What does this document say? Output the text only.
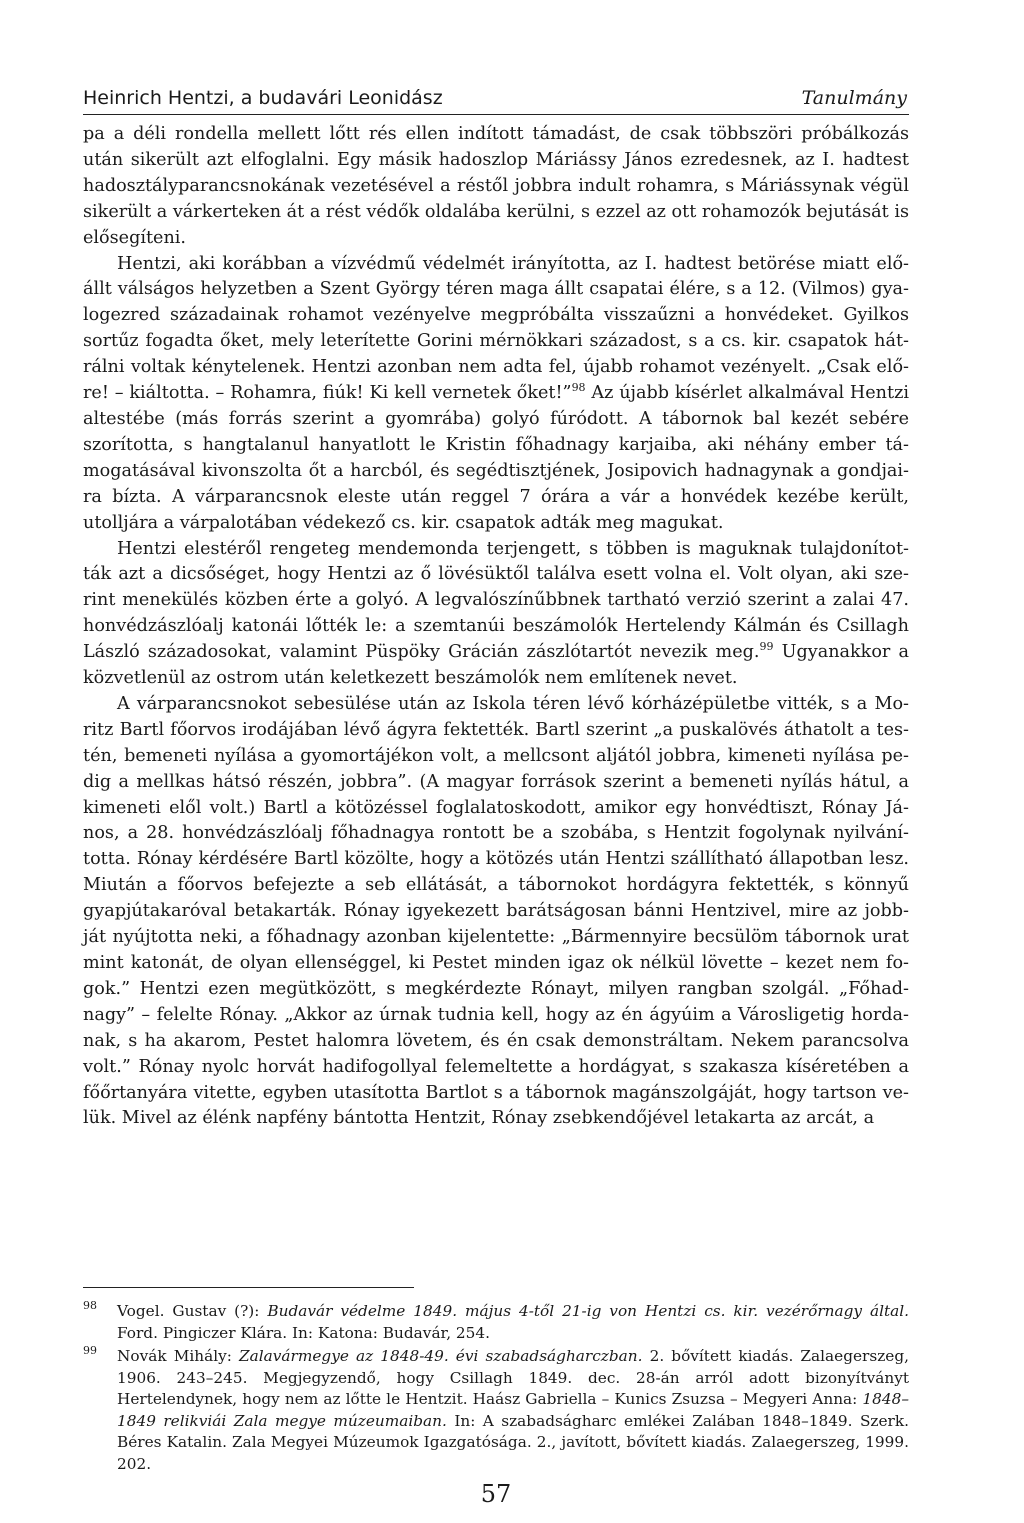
Heinrich Hentzi, a budavári Leonidász	Tanulmány

pa a déli rondella mellett lőtt rés ellen indított támadást, de csak többszöri próbálkozás után sikerült azt elfoglalni. Egy másik hadoszlop Máriássy János ezredesnek, az I. hadtest hadosztályparancsnokának vezetésével a réstől jobbra indult rohamra, s Máriássynak végül sikerült a várkerteken át a rést védők oldalába kerülni, s ezzel az ott rohamozók bejutását is elősegíteni.

Hentzi, aki korábban a vízvédmű védelmét irányította, az I. hadtest betörése miatt előállt válságos helyzetben a Szent György téren maga állt csapatai élére, s a 12. (Vilmos) gyalogezred századainak rohamot vezényelve megpróbálta visszaűzni a honvédeket. Gyilkos sortűz fogadta őket, mely leterítette Gorini mérnökkari századost, s a cs. kir. csapatok hátrálni voltak kénytelenek. Hentzi azonban nem adta fel, újabb rohamot vezényelt. „Csak előre! – kiáltotta. – Rohamra, fiúk! Ki kell vernetek őket!”$^{98}$ Az újabb kísérlet alkalmával Hentzi altestébe (más forrás szerint a gyomrába) golyó fúródott. A tábornok bal kezét sebére szorította, s hangtalanul hanyatlott le Kristin főhadnagy karjaiba, aki néhány ember támogatásával kivonszolta őt a harcból, és segédtisztjének, Josipovich hadnagynak a gondjaira bízta. A várparancsnok eleste után reggel 7 órára a vár a honvédek kezébe került, utolljára a várpalotában védekező cs. kir. csapatok adták meg magukat.

Hentzi elestéről rengeteg mendemonda terjengett, s többen is maguknak tulajdonították azt a dicsőséget, hogy Hentzi az ő lövésüktől találva esett volna el. Volt olyan, aki szerint menekülés közben érte a golyó. A legvalószínűbbnek tartható verzió szerint a zalai 47. honvédzászlóalj katonái lőtték le: a szemtanúi beszámolók Hertelendy Kálmán és Csillagh László századosokat, valamint Püspöky Grácián zászlótartót nevezik meg.$^{99}$ Ugyanakkor a közvetlenül az ostrom után keletkezett beszámolók nem említenek nevet.

A várparancsnokot sebesülése után az Iskola téren lévő kórházépületbe vitték, s a Moritz Bartl főorvos irodájában lévő ágyra fektették. Bartl szerint „a puskalövés áthatolt a testén, bemeneti nyílása a gyomortájékon volt, a mellcsont aljától jobbra, kimeneti nyílása pedig a mellkas hátsó részén, jobbra”. (A magyar források szerint a bemeneti nyílás hátul, a kimeneti elől volt.) Bartl a kötözéssel foglalatoskodott, amikor egy honvédtiszt, Rónay János, a 28. honvédzászlóalj főhadnagya rontott be a szobába, s Hentzit fogolynak nyilvánította. Rónay kérdésére Bartl közölte, hogy a kötözés után Hentzi szállítható állapotban lesz. Miután a főorvos befejezte a seb ellátását, a tábornokot hordágyra fektették, s könnyű gyapjútakaróval betakarták. Rónay igyekezett barátságosan bánni Hentzivel, mire az jobbját nyújtotta neki, a főhadnagy azonban kijelentette: „Bármennyire becsülöm tábornok urat mint katonát, de olyan ellenséggel, ki Pestet minden igaz ok nélkül lövette – kezet nem fogok.” Hentzi ezen megütközött, s megkérdezte Rónayt, milyen rangban szolgál. „Főhadnagy” – felelte Rónay. „Akkor az úrnak tudnia kell, hogy az én ágyúim a Városligetig hordanak, s ha akarom, Pestet halomra lövetem, és én csak demonstráltam. Nekem parancsolva volt.” Rónay nyolc horvát hadifogollyal felemeltette a hordágyat, s szakasza kíséretében a főőrtanyára vitette, egyben utasította Bartlot s a tábornok magánszolgáját, hogy tartson velük. Mivel az élénk napfény bántotta Hentzit, Rónay zsebkendőjével letakarta az arcát, a

98 Vogel. Gustav (?): Budavár védelme 1849. május 4-től 21-ig von Hentzi cs. kir. vezérőrnagy által. Ford. Pingiczer Klára. In: Katona: Budavár, 254.
99 Novák Mihály: Zalavármegye az 1848-49. évi szabadságharczban. 2. bővített kiadás. Zalaegerszeg, 1906. 243–245. Megjegyzendő, hogy Csillagh 1849. dec. 28-án arról adott bizonyítványt Hertelendynek, hogy nem az lőtte le Hentzit. Haász Gabriella – Kunics Zsuzsa – Megyeri Anna: 1848–1849 relikviái Zala megye múzeumaiban. In: A szabadságharc emlékei Zalában 1848–1849. Szerk. Béres Katalin. Zala Megyei Múzeumok Igazgatósága. 2., javított, bővített kiadás. Zalaegerszeg, 1999. 202.
57
